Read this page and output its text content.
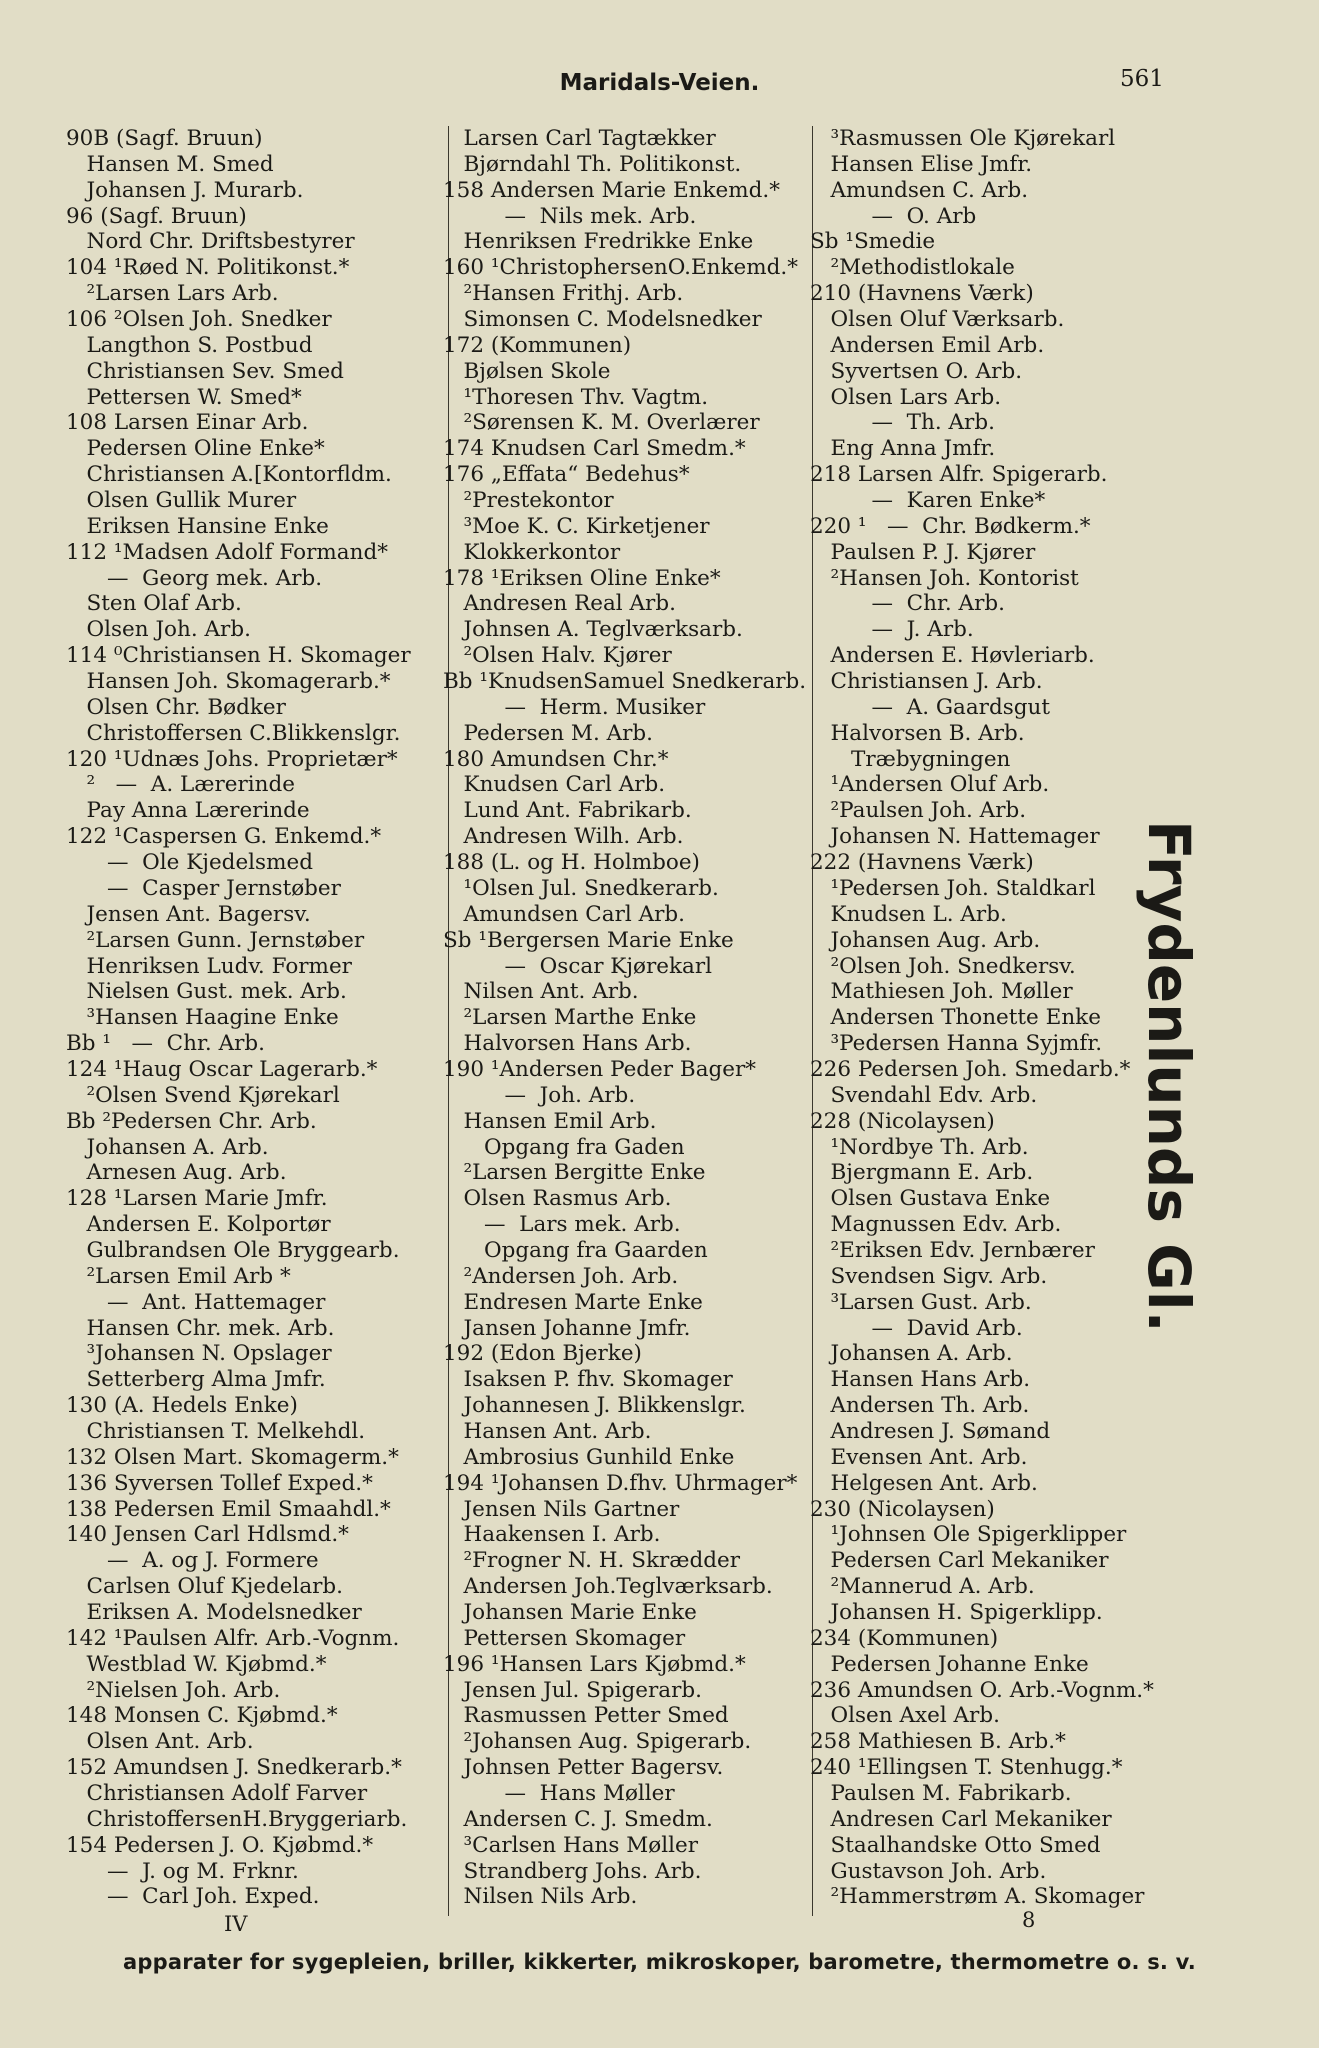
Maridals-Veien.	561
90B (Sagf. Bruun)
Hansen M. Smed
Johansen J. Murarb.
96 (Sagf. Bruun)
Nord Chr. Driftsbestyrer
104 ¹Røed N. Politikonst.*
²Larsen Lars Arb.
106 ²Olsen Joh. Snedker
Langthon S. Postbud
Christiansen Sev. Smed
Pettersen W. Smed*
108 Larsen Einar Arb.
Pedersen Oline Enke*
Christiansen A.[Kontorfldm.
Olsen Gullik Murer
Eriksen Hansine Enke
112 ¹Madsen Adolf Formand*
—  Georg mek. Arb.
Sten Olaf Arb.
Olsen Joh. Arb.
114 ⁰Christiansen H. Skomager
Hansen Joh. Skomagerarb.*
Olsen Chr. Bødker
Christoffersen C.Blikkenslgr.
120 ¹Udnæs Johs. Proprietær*
²   —  A. Lærerinde
Pay Anna Lærerinde
122 ¹Caspersen G. Enkemd.*
—  Ole Kjedelsmed
—  Casper Jernstøber
Jensen Ant. Bagersv.
²Larsen Gunn. Jernstøber
Henriksen Ludv. Former
Nielsen Gust. mek. Arb.
³Hansen Haagine Enke
Bb ¹   —  Chr. Arb.
124 ¹Haug Oscar Lagerarb.*
²Olsen Svend Kjørekarl
Bb ²Pedersen Chr. Arb.
Johansen A. Arb.
Arnesen Aug. Arb.
128 ¹Larsen Marie Jmfr.
Andersen E. Kolportør
Gulbrandsen Ole Bryggearb.
²Larsen Emil Arb *
—  Ant. Hattemager
Hansen Chr. mek. Arb.
³Johansen N. Opslager
Setterberg Alma Jmfr.
130 (A. Hedels Enke)
Christiansen T. Melkehdl.
132 Olsen Mart. Skomagerm.*
136 Syversen Tollef Exped.*
138 Pedersen Emil Smaahdl.*
140 Jensen Carl Hdlsmd.*
—  A. og J. Formere
Carlsen Oluf Kjedelarb.
Eriksen A. Modelsnedker
142 ¹Paulsen Alfr. Arb.-Vognm.
Westblad W. Kjøbmd.*
²Nielsen Joh. Arb.
148 Monsen C. Kjøbmd.*
Olsen Ant. Arb.
152 Amundsen J. Snedkerarb.*
Christiansen Adolf Farver
ChristoffersenH.Bryggeriarb.
154 Pedersen J. O. Kjøbmd.*
—  J. og M. Frknr.
—  Carl Joh. Exped.
Larsen Carl Tagtækker
Bjørndahl Th. Politikonst.
158 Andersen Marie Enkemd.*
—  Nils mek. Arb.
Henriksen Fredrikke Enke
160 ¹ChristophersenO.Enkemd.*
²Hansen Frithj. Arb.
Simonsen C. Modelsnedker
172 (Kommunen)
Bjølsen Skole
¹Thoresen Thv. Vagtm.
²Sørensen K. M. Overlærer
174 Knudsen Carl Smedm.*
176 „Effata“ Bedehus*
²Prestekontor
³Moe K. C. Kirketjener
Klokkerkontor
178 ¹Eriksen Oline Enke*
Andresen Real Arb.
Johnsen A. Teglværksarb.
²Olsen Halv. Kjører
Bb ¹KnudsenSamuel Snedkerarb.
—  Herm. Musiker
Pedersen M. Arb.
180 Amundsen Chr.*
Knudsen Carl Arb.
Lund Ant. Fabrikarb.
Andresen Wilh. Arb.
188 (L. og H. Holmboe)
¹Olsen Jul. Snedkerarb.
Amundsen Carl Arb.
Sb ¹Bergersen Marie Enke
—  Oscar Kjørekarl
Nilsen Ant. Arb.
²Larsen Marthe Enke
Halvorsen Hans Arb.
190 ¹Andersen Peder Bager*
—  Joh. Arb.
Hansen Emil Arb.
Opgang fra Gaden
²Larsen Bergitte Enke
Olsen Rasmus Arb.
—  Lars mek. Arb.
Opgang fra Gaarden
²Andersen Joh. Arb.
Endresen Marte Enke
Jansen Johanne Jmfr.
192 (Edon Bjerke)
Isaksen P. fhv. Skomager
Johannesen J. Blikkenslgr.
Hansen Ant. Arb.
Ambrosius Gunhild Enke
194 ¹Johansen D.fhv. Uhrmager*
Jensen Nils Gartner
Haakensen I. Arb.
²Frogner N. H. Skrædder
Andersen Joh.Teglværksarb.
Johansen Marie Enke
Pettersen Skomager
196 ¹Hansen Lars Kjøbmd.*
Jensen Jul. Spigerarb.
Rasmussen Petter Smed
²Johansen Aug. Spigerarb.
Johnsen Petter Bagersv.
—  Hans Møller
Andersen C. J. Smedm.
³Carlsen Hans Møller
Strandberg Johs. Arb.
Nilsen Nils Arb.
³Rasmussen Ole Kjørekarl
Hansen Elise Jmfr.
Amundsen C. Arb.
—  O. Arb
Sb ¹Smedie
²Methodistlokale
210 (Havnens Værk)
Olsen Oluf Værksarb.
Andersen Emil Arb.
Syvertsen O. Arb.
Olsen Lars Arb.
—  Th. Arb.
Eng Anna Jmfr.
218 Larsen Alfr. Spigerarb.
—  Karen Enke*
220 ¹   —  Chr. Bødkerm.*
Paulsen P. J. Kjører
²Hansen Joh. Kontorist
—  Chr. Arb.
—  J. Arb.
Andersen E. Høvleriarb.
Christiansen J. Arb.
—  A. Gaardsgut
Halvorsen B. Arb.
Træbygningen
¹Andersen Oluf Arb.
²Paulsen Joh. Arb.
Johansen N. Hattemager
222 (Havnens Værk)
¹Pedersen Joh. Staldkarl
Knudsen L. Arb.
Johansen Aug. Arb.
²Olsen Joh. Snedkersv.
Mathiesen Joh. Møller
Andersen Thonette Enke
³Pedersen Hanna Syjmfr.
226 Pedersen Joh. Smedarb.*
Svendahl Edv. Arb.
228 (Nicolaysen)
¹Nordbye Th. Arb.
Bjergmann E. Arb.
Olsen Gustava Enke
Magnussen Edv. Arb.
²Eriksen Edv. Jernbærer
Svendsen Sigv. Arb.
³Larsen Gust. Arb.
—  David Arb.
Johansen A. Arb.
Hansen Hans Arb.
Andersen Th. Arb.
Andresen J. Sømand
Evensen Ant. Arb.
Helgesen Ant. Arb.
230 (Nicolaysen)
¹Johnsen Ole Spigerklipper
Pedersen Carl Mekaniker
²Mannerud A. Arb.
Johansen H. Spigerklipp.
234 (Kommunen)
Pedersen Johanne Enke
236 Amundsen O. Arb.-Vognm.*
Olsen Axel Arb.
258 Mathiesen B. Arb.*
240 ¹Ellingsen T. Stenhugg.*
Paulsen M. Fabrikarb.
Andresen Carl Mekaniker
Staalhandske Otto Smed
Gustavson Joh. Arb.
²Hammerstrøm A. Skomager
Frydenlunds Gl.
IV	8
apparater for sygepleien, briller, kikkerter, mikroskoper, barometre, thermometre o. s. v.
